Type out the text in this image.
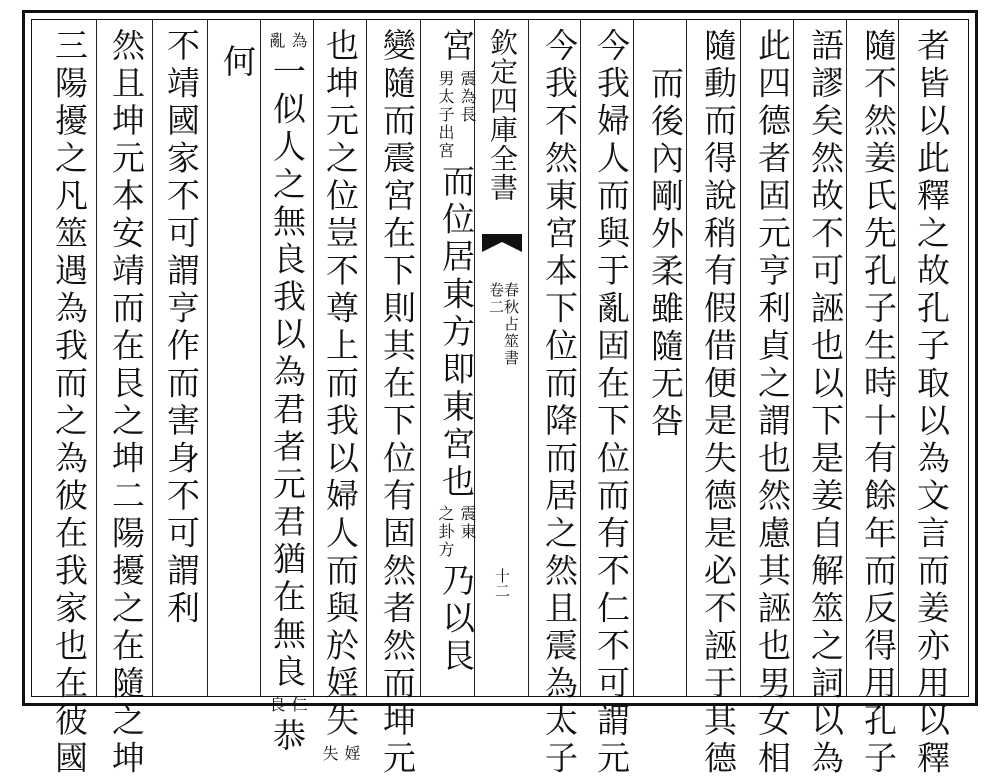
者皆以此釋之故孔子取以為文言而姜亦用以釋
隨不然姜氏先孔子生時十有餘年而反得用孔子
語謬矣然故不可誣也以下是姜自解筮之詞以為
此四德者固元亨利貞之謂也然慮其誣也男女相
隨動而得說稍有假借便是失德是必不誣于其德
而後內剛外柔雖隨无咎
今我婦人而與于亂固在下位而有不仁不可謂元
欽定四庫全書
春秋占筮書
卷二
十二 今我不然東宮本下位而降而居之然且震為太子
宮
震為長
男太子出宮
而位居東方即東宮也
震東
之卦方
乃以艮
變隨而震宮在下則其在下位有固然者然而坤元
也坤元之位豈不尊上而我以婦人而與於婬失
婬
失
為
亂
一似人之無良我以為君者元君猶在無良
仁
良
恭
何
不靖國家不可謂亨作而害身不可謂利
然且坤元本安靖而在艮之坤二陽擾之在隨之坤
三陽擾之凡筮遇為我而之為彼在我家也在彼國
